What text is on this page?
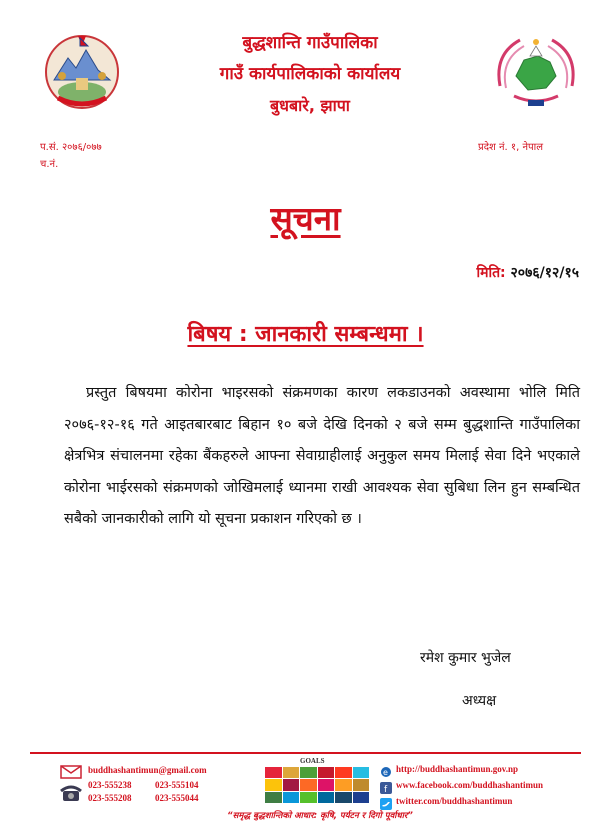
बुद्धशान्ति गाउँपालिका
गाउँ कार्यपालिकाको कार्यालय
बुधबारे, झापा
प.सं. २०७६/०७७
च.नं.
प्रदेश नं. १, नेपाल
सूचना
मिति: २०७६/१२/१५
बिषय : जानकारी सम्बन्धमा ।
प्रस्तुत बिषयमा कोरोना भाइरसको संक्रमणका कारण लकडाउनको अवस्थामा भोलि मिति २०७६-१२-१६ गते आइतबारबाट बिहान १० बजे देखि दिनको २ बजे सम्म बुद्धशान्ति गाउँपालिका क्षेत्रभित्र संचालनमा रहेका बैंकहरुले आफ्ना सेवाग्राहीलाई अनुकुल समय मिलाई सेवा दिने भएकाले कोरोना भाईरसको संक्रमणको जोखिमलाई ध्यानमा राखी आवश्यक सेवा सुबिधा लिन हुन सम्बन्धित सबैको जानकारीको लागि यो सूचना प्रकाशन गरिएको छ ।
रमेश कुमार भुजेल
अध्यक्ष
buddhashantimun@gmail.com
023-555238	023-555104
023-555208	023-555044
GOALS
e http://buddhashantimun.gov.np
f www.facebook.com/buddhashantimun
twitter.com/buddhashantimun
“समृद्ध बुद्धशान्तिको आधार: कृषि, पर्यटन र दिगो पूर्वाधार”
